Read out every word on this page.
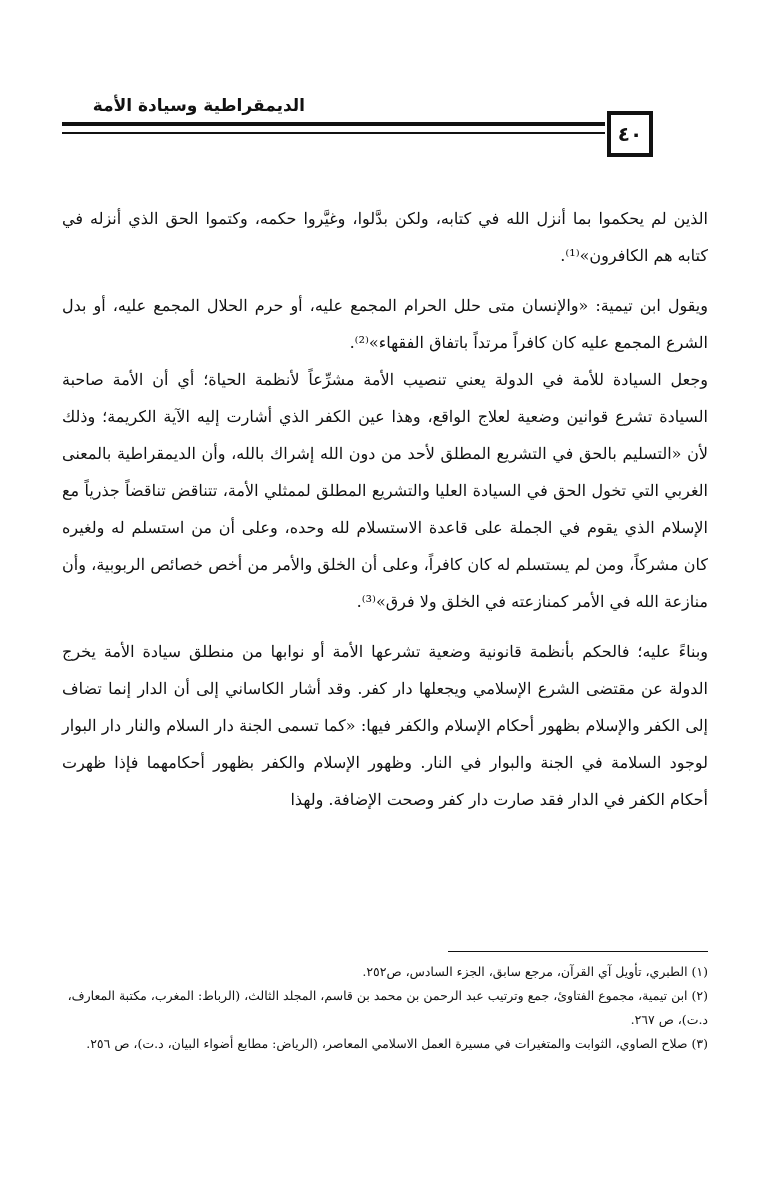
الديمقراطية وسيادة الأمة
٤٠

الذين لم يحكموا بما أنزل الله في كتابه، ولكن بدَّلوا، وغيَّروا حكمه، وكتموا الحق الذي أنزله في كتابه هم الكافرون»⁽¹⁾.

ويقول ابن تيمية: «والإنسان متى حلل الحرام المجمع عليه، أو حرم الحلال المجمع عليه، أو بدل الشرع المجمع عليه كان كافراً مرتداً باتفاق الفقهاء»⁽²⁾.

وجعل السيادة للأمة في الدولة يعني تنصيب الأمة مشرِّعاً لأنظمة الحياة؛ أي أن الأمة صاحبة السيادة تشرع قوانين وضعية لعلاج الواقع، وهذا عين الكفر الذي أشارت إليه الآية الكريمة؛ وذلك لأن «التسليم بالحق في التشريع المطلق لأحد من دون الله إشراك بالله، وأن الديمقراطية بالمعنى الغربي التي تخول الحق في السيادة العليا والتشريع المطلق لممثلي الأمة، تتناقض تناقضاً جذرياً مع الإسلام الذي يقوم في الجملة على قاعدة الاستسلام لله وحده، وعلى أن من استسلم له ولغيره كان مشركاً، ومن لم يستسلم له كان كافراً، وعلى أن الخلق والأمر من أخص خصائص الربوبية، وأن منازعة الله في الأمر كمنازعته في الخلق ولا فرق»⁽³⁾.

وبناءً عليه؛ فالحكم بأنظمة قانونية وضعية تشرعها الأمة أو نوابها من منطلق سيادة الأمة يخرج الدولة عن مقتضى الشرع الإسلامي ويجعلها دار كفر. وقد أشار الكاساني إلى أن الدار إنما تضاف إلى الكفر والإسلام بظهور أحكام الإسلام والكفر فيها: «كما تسمى الجنة دار السلام والنار دار البوار لوجود السلامة في الجنة والبوار في النار. وظهور الإسلام والكفر بظهور أحكامهما فإذا ظهرت أحكام الكفر في الدار فقد صارت دار كفر وصحت الإضافة. ولهذا

(١) الطبري، تأويل آي القرآن، مرجع سابق، الجزء السادس، ص٢٥٢.

(٢) ابن تيمية، مجموع الفتاوئ، جمع وترتيب عبد الرحمن بن محمد بن قاسم، المجلد الثالث، (الرباط: المغرب، مكتبة المعارف، د.ت)، ص ٢٦٧.

(٣) صلاح الصاوي، الثوابت والمتغيرات في مسيرة العمل الاسلامي المعاصر، (الرياض: مطابع أضواء البيان، د.ت)، ص ٢٥٦.
